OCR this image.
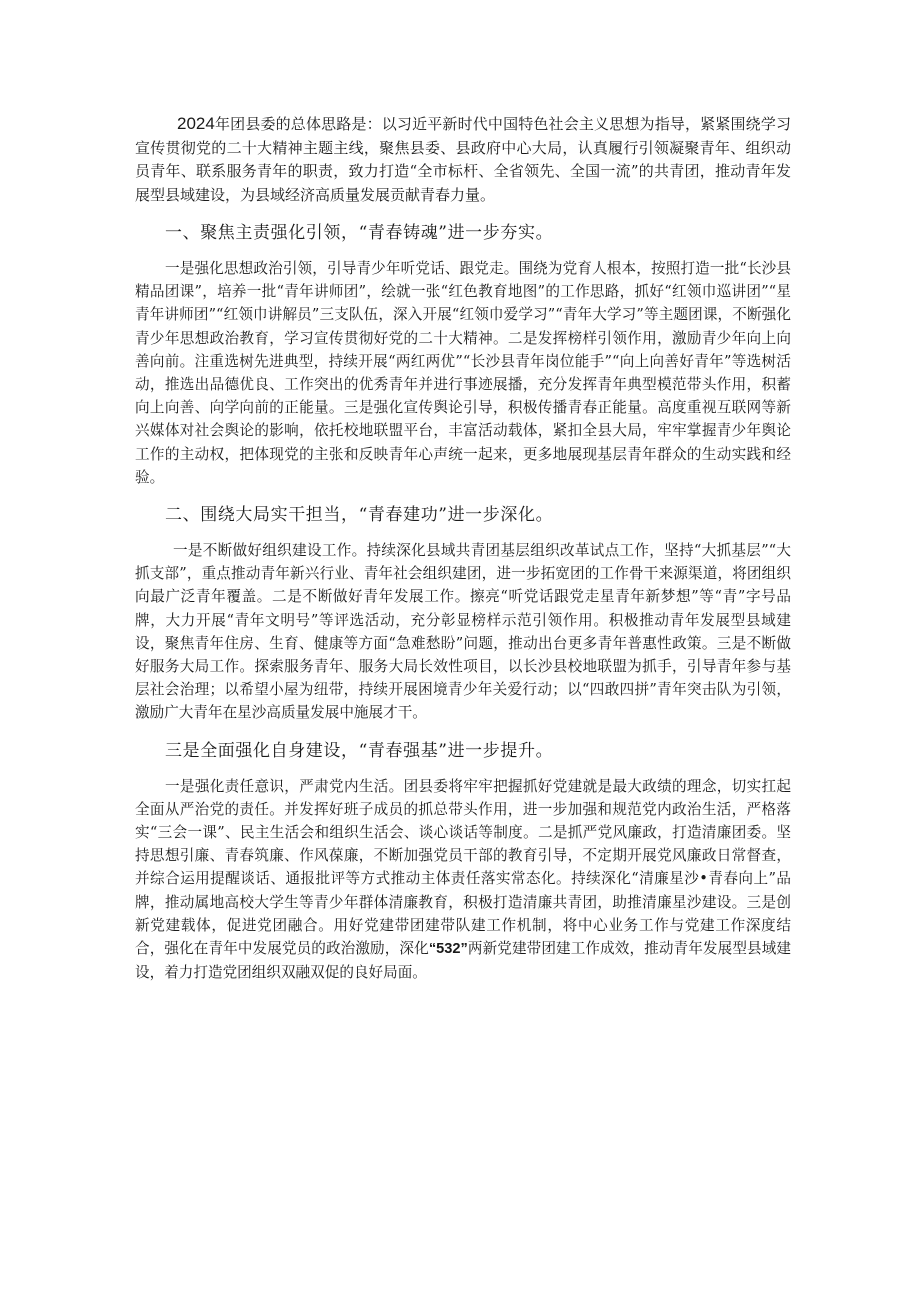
2024年团县委的总体思路是：以习近平新时代中国特色社会主义思想为指导，紧紧围绕学习宣传贯彻党的二十大精神主题主线，聚焦县委、县政府中心大局，认真履行引领凝聚青年、组织动员青年、联系服务青年的职责，致力打造“全市标杆、全省领先、全国一流”的共青团，推动青年发展型县域建设，为县域经济高质量发展贡献青春力量。

一、聚焦主责强化引领，“青春铸魂”进一步夯实。

一是强化思想政治引领，引导青少年听党话、跟党走。围绕为党育人根本，按照打造一批“长沙县精品团课”，培养一批“青年讲师团”，绘就一张“红色教育地图”的工作思路，抓好“红领巾巡讲团”“星青年讲师团”“红领巾讲解员”三支队伍，深入开展“红领巾爱学习”“青年大学习”等主题团课，不断强化青少年思想政治教育，学习宣传贯彻好党的二十大精神。二是发挥榜样引领作用，激励青少年向上向善向前。注重选树先进典型，持续开展“两红两优”“长沙县青年岗位能手”“向上向善好青年”等选树活动，推选出品德优良、工作突出的优秀青年并进行事迹展播，充分发挥青年典型模范带头作用，积蓄向上向善、向学向前的正能量。三是强化宣传舆论引导，积极传播青春正能量。高度重视互联网等新兴媒体对社会舆论的影响，依托校地联盟平台，丰富活动载体，紧扣全县大局，牢牢掌握青少年舆论工作的主动权，把体现党的主张和反映青年心声统一起来，更多地展现基层青年群众的生动实践和经验。

二、围绕大局实干担当，“青春建功”进一步深化。

一是不断做好组织建设工作。持续深化县域共青团基层组织改革试点工作，坚持“大抓基层”“大抓支部”，重点推动青年新兴行业、青年社会组织建团，进一步拓宽团的工作骨干来源渠道，将团组织向最广泛青年覆盖。二是不断做好青年发展工作。擦亮“听党话跟党走星青年新梦想”等“青”字号品牌，大力开展“青年文明号”等评选活动，充分彰显榜样示范引领作用。积极推动青年发展型县域建设，聚焦青年住房、生育、健康等方面“急难愁盼”问题，推动出台更多青年普惠性政策。三是不断做好服务大局工作。探索服务青年、服务大局长效性项目，以长沙县校地联盟为抓手，引导青年参与基层社会治理；以希望小屋为纽带，持续开展困境青少年关爱行动；以“四敢四拼”青年突击队为引领，激励广大青年在星沙高质量发展中施展才干。

三是全面强化自身建设，“青春强基”进一步提升。

一是强化责任意识，严肃党内生活。团县委将牢牢把握抓好党建就是最大政绩的理念，切实扛起全面从严治党的责任。并发挥好班子成员的抓总带头作用，进一步加强和规范党内政治生活，严格落实“三会一课”、民主生活会和组织生活会、谈心谈话等制度。二是抓严党风廉政，打造清廉团委。坚持思想引廉、青春筑廉、作风葆廉，不断加强党员干部的教育引导，不定期开展党风廉政日常督查，并综合运用提醒谈话、通报批评等方式推动主体责任落实常态化。持续深化“清廉星沙•青春向上”品牌，推动属地高校大学生等青少年群体清廉教育，积极打造清廉共青团，助推清廉星沙建设。三是创新党建载体，促进党团融合。用好党建带团建带队建工作机制，将中心业务工作与党建工作深度结合，强化在青年中发展党员的政治激励，深化“532”两新党建带团建工作成效，推动青年发展型县域建设，着力打造党团组织双融双促的良好局面。
